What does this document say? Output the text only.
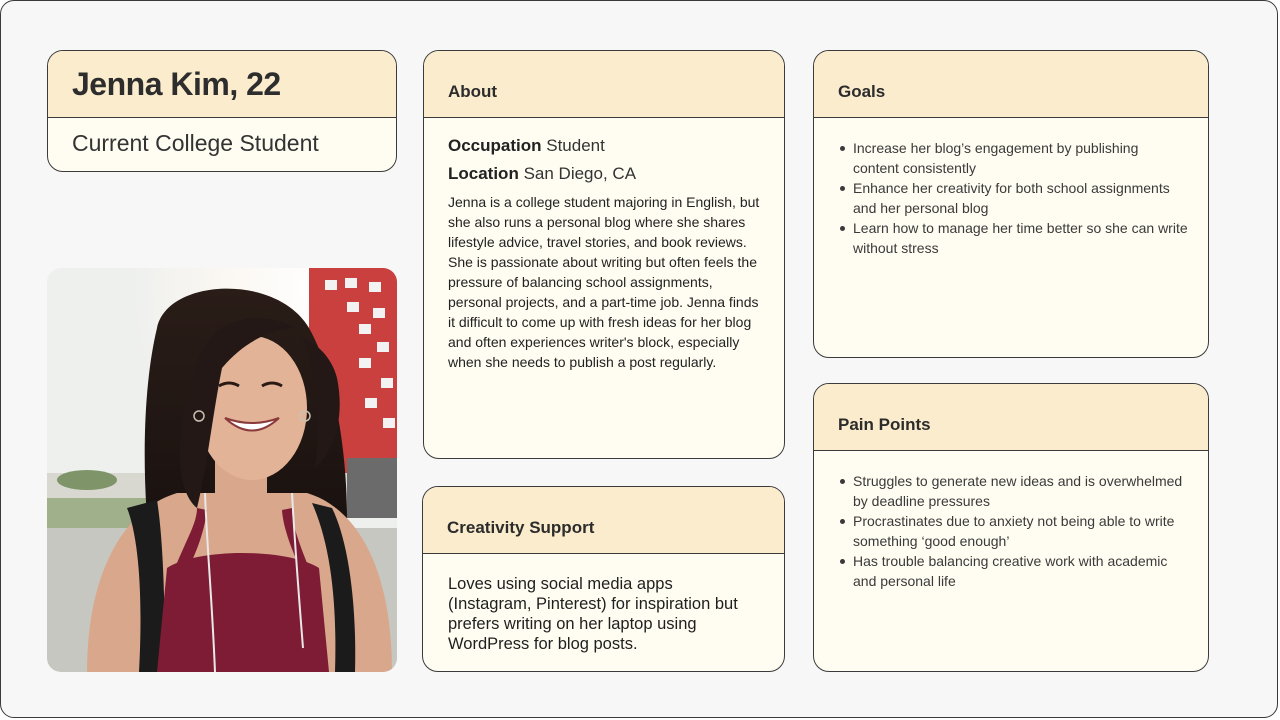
Jenna Kim, 22
Current College Student
About
Occupation Student
Location San Diego, CA
Jenna is a college student majoring in English, but she also runs a personal blog where she shares lifestyle advice, travel stories, and book reviews. She is passionate about writing but often feels the pressure of balancing school assignments, personal projects, and a part-time job. Jenna finds it difficult to come up with fresh ideas for her blog and often experiences writer's block, especially when she needs to publish a post regularly.
Creativity Support
Loves using social media apps (Instagram, Pinterest) for inspiration but prefers writing on her laptop using WordPress for blog posts.
Goals
Increase her blog’s engagement by publishing content consistently
Enhance her creativity for both school assignments and her personal blog
Learn how to manage her time better so she can write without stress
Pain Points
Struggles to generate new ideas and is overwhelmed by deadline pressures
Procrastinates due to anxiety not being able to write something ‘good enough’
Has trouble balancing creative work with academic and personal life
